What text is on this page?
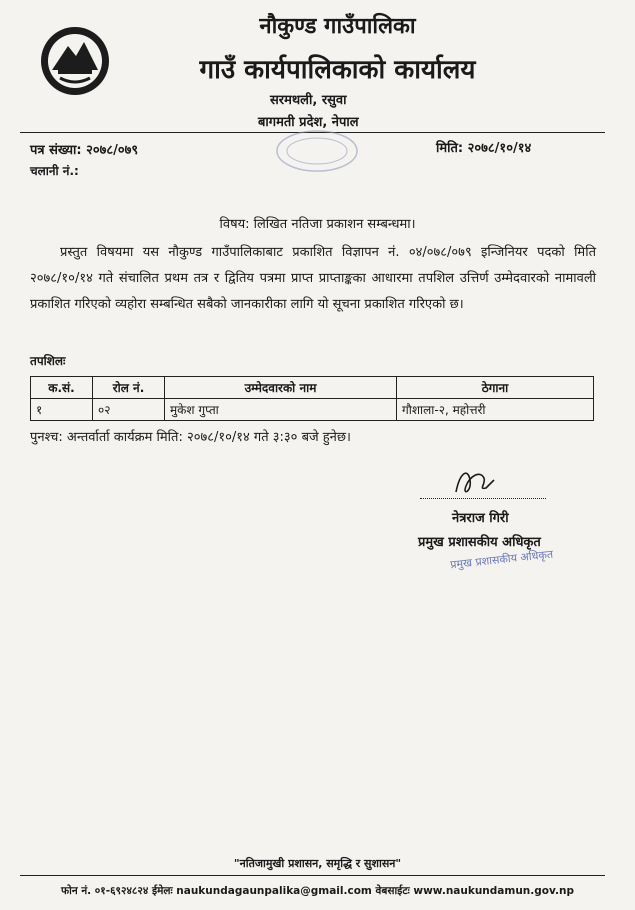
नौकुण्ड गाउँपालिका
गाउँ कार्यपालिकाको कार्यालय
सरमथली, रसुवा
बागमती प्रदेश, नेपाल
पत्र संख्या: २०७८/०७९
चलानी नं.:
मिति: २०७८/१०/१४
विषय: लिखित नतिजा प्रकाशन सम्बन्धमा।
प्रस्तुत विषयमा यस नौकुण्ड गाउँपालिकाबाट प्रकाशित विज्ञापन नं. ०४/०७८/०७९ इन्जिनियर पदको मिति २०७८/१०/१४ गते संचालित प्रथम तत्र र द्वितिय पत्रमा प्राप्त प्राप्ताङ्कका आधारमा तपशिल उत्तिर्ण उम्मेदवारको नामावली प्रकाशित गरिएको व्यहोरा सम्बन्धित सबैको जानकारीका लागि यो सूचना प्रकाशित गरिएको छ।
तपशिलः
क.सं.	रोल नं.	उम्मेदवारको नाम	ठेगाना
१	०२	मुकेश गुप्ता	गौशाला-२, महोत्तरी
पुनश्च: अन्तर्वार्ता कार्यक्रम मिति: २०७८/१०/१४ गते ३:३० बजे हुनेछ।
नेत्रराज गिरी
प्रमुख प्रशासकीय अधिकृत
प्रमुख प्रशासकीय अधिकृत
"नतिजामुखी प्रशासन, समृद्धि र सुशासन"
फोन नं. ०१-६९२४८२४ ईमेलः naukundagaunpalika@gmail.com वेबसाईटः www.naukundamun.gov.np
